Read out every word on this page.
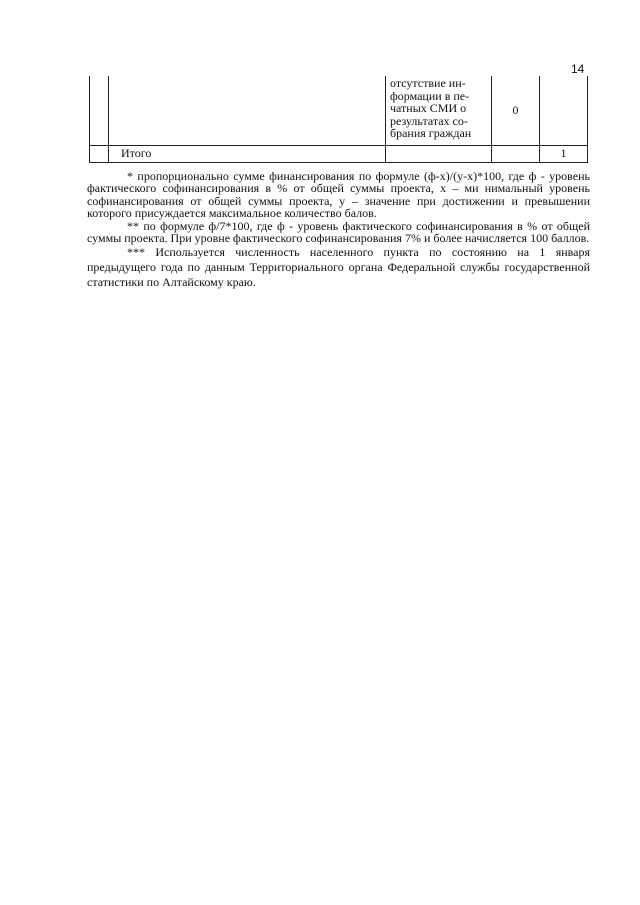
14

		отсутствие ин-
формации в пе-
чатных СМИ о
результатах со-
брания граждан	0	
	Итого			1

* пропорционально сумме финансирования по формуле (ф-х)/(у-х)*100, где ф - уровень фактического софинансирования в % от общей суммы проекта, х – ми нимальный уровень софинансирования от общей суммы проекта, у – значение при достижении и превышении которого присуждается максимальное количество балов.

** по формуле ф/7*100, где ф - уровень фактического софинансирования в % от общей суммы проекта. При уровне фактического софинансирования 7% и более начисляется 100 баллов.

*** Используется численность населенного пункта по состоянию на 1 января предыдущего года по данным Территориального органа Федеральной службы государственной статистики по Алтайскому краю.
